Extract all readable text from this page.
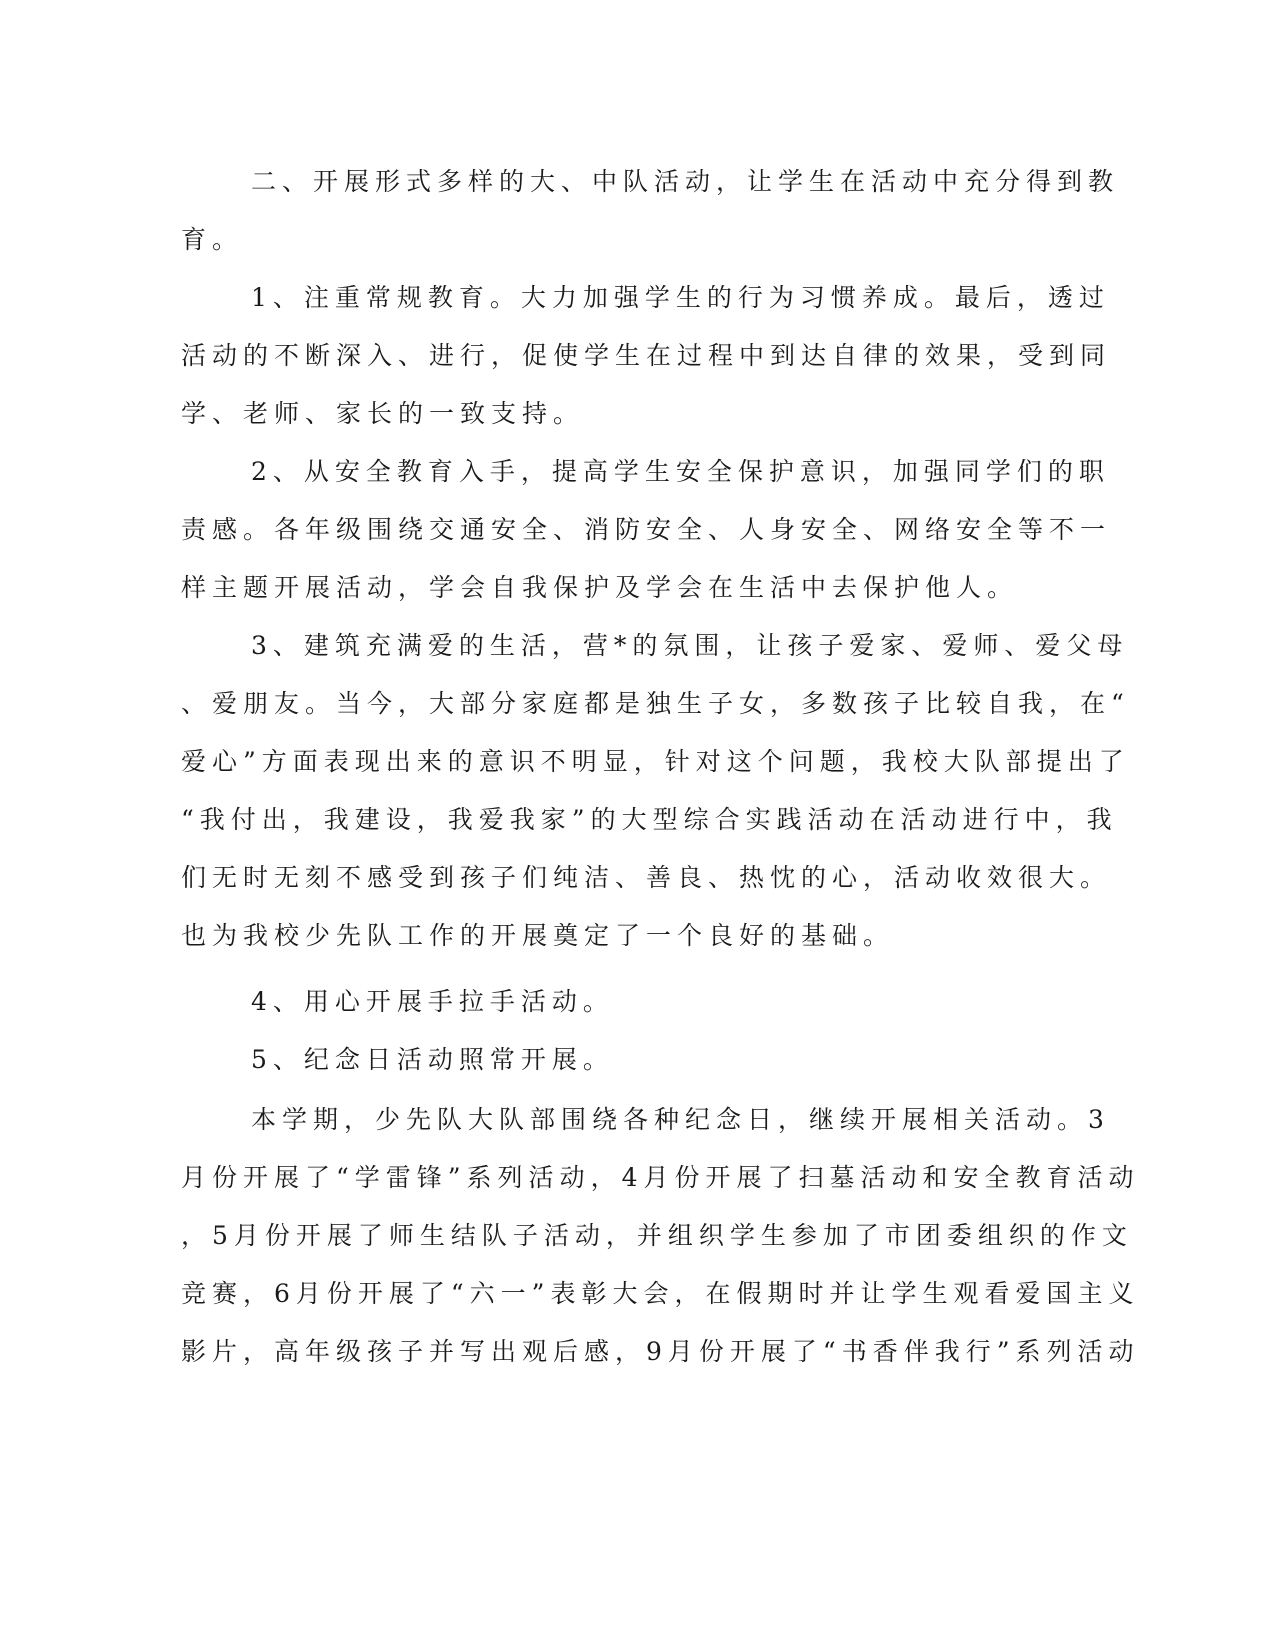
二、开展形式多样的大、中队活动，让学生在活动中充分得到教
育。
1、注重常规教育。大力加强学生的行为习惯养成。最后，透过
活动的不断深入、进行，促使学生在过程中到达自律的效果，受到同
学、老师、家长的一致支持。
2、从安全教育入手，提高学生安全保护意识，加强同学们的职
责感。各年级围绕交通安全、消防安全、人身安全、网络安全等不一
样主题开展活动，学会自我保护及学会在生活中去保护他人。
3、建筑充满爱的生活，营*的氛围，让孩子爱家、爱师、爱父母
、爱朋友。当今，大部分家庭都是独生子女，多数孩子比较自我，在“
爱心”方面表现出来的意识不明显，针对这个问题，我校大队部提出了
“我付出，我建设，我爱我家”的大型综合实践活动在活动进行中，我
们无时无刻不感受到孩子们纯洁、善良、热忱的心，活动收效很大。
也为我校少先队工作的开展奠定了一个良好的基础。
4、用心开展手拉手活动。
5、纪念日活动照常开展。
本学期，少先队大队部围绕各种纪念日，继续开展相关活动。3
月份开展了“学雷锋”系列活动，4月份开展了扫墓活动和安全教育活动
，5月份开展了师生结队子活动，并组织学生参加了市团委组织的作文
竞赛，6月份开展了“六一”表彰大会，在假期时并让学生观看爱国主义
影片，高年级孩子并写出观后感，9月份开展了“书香伴我行”系列活动
